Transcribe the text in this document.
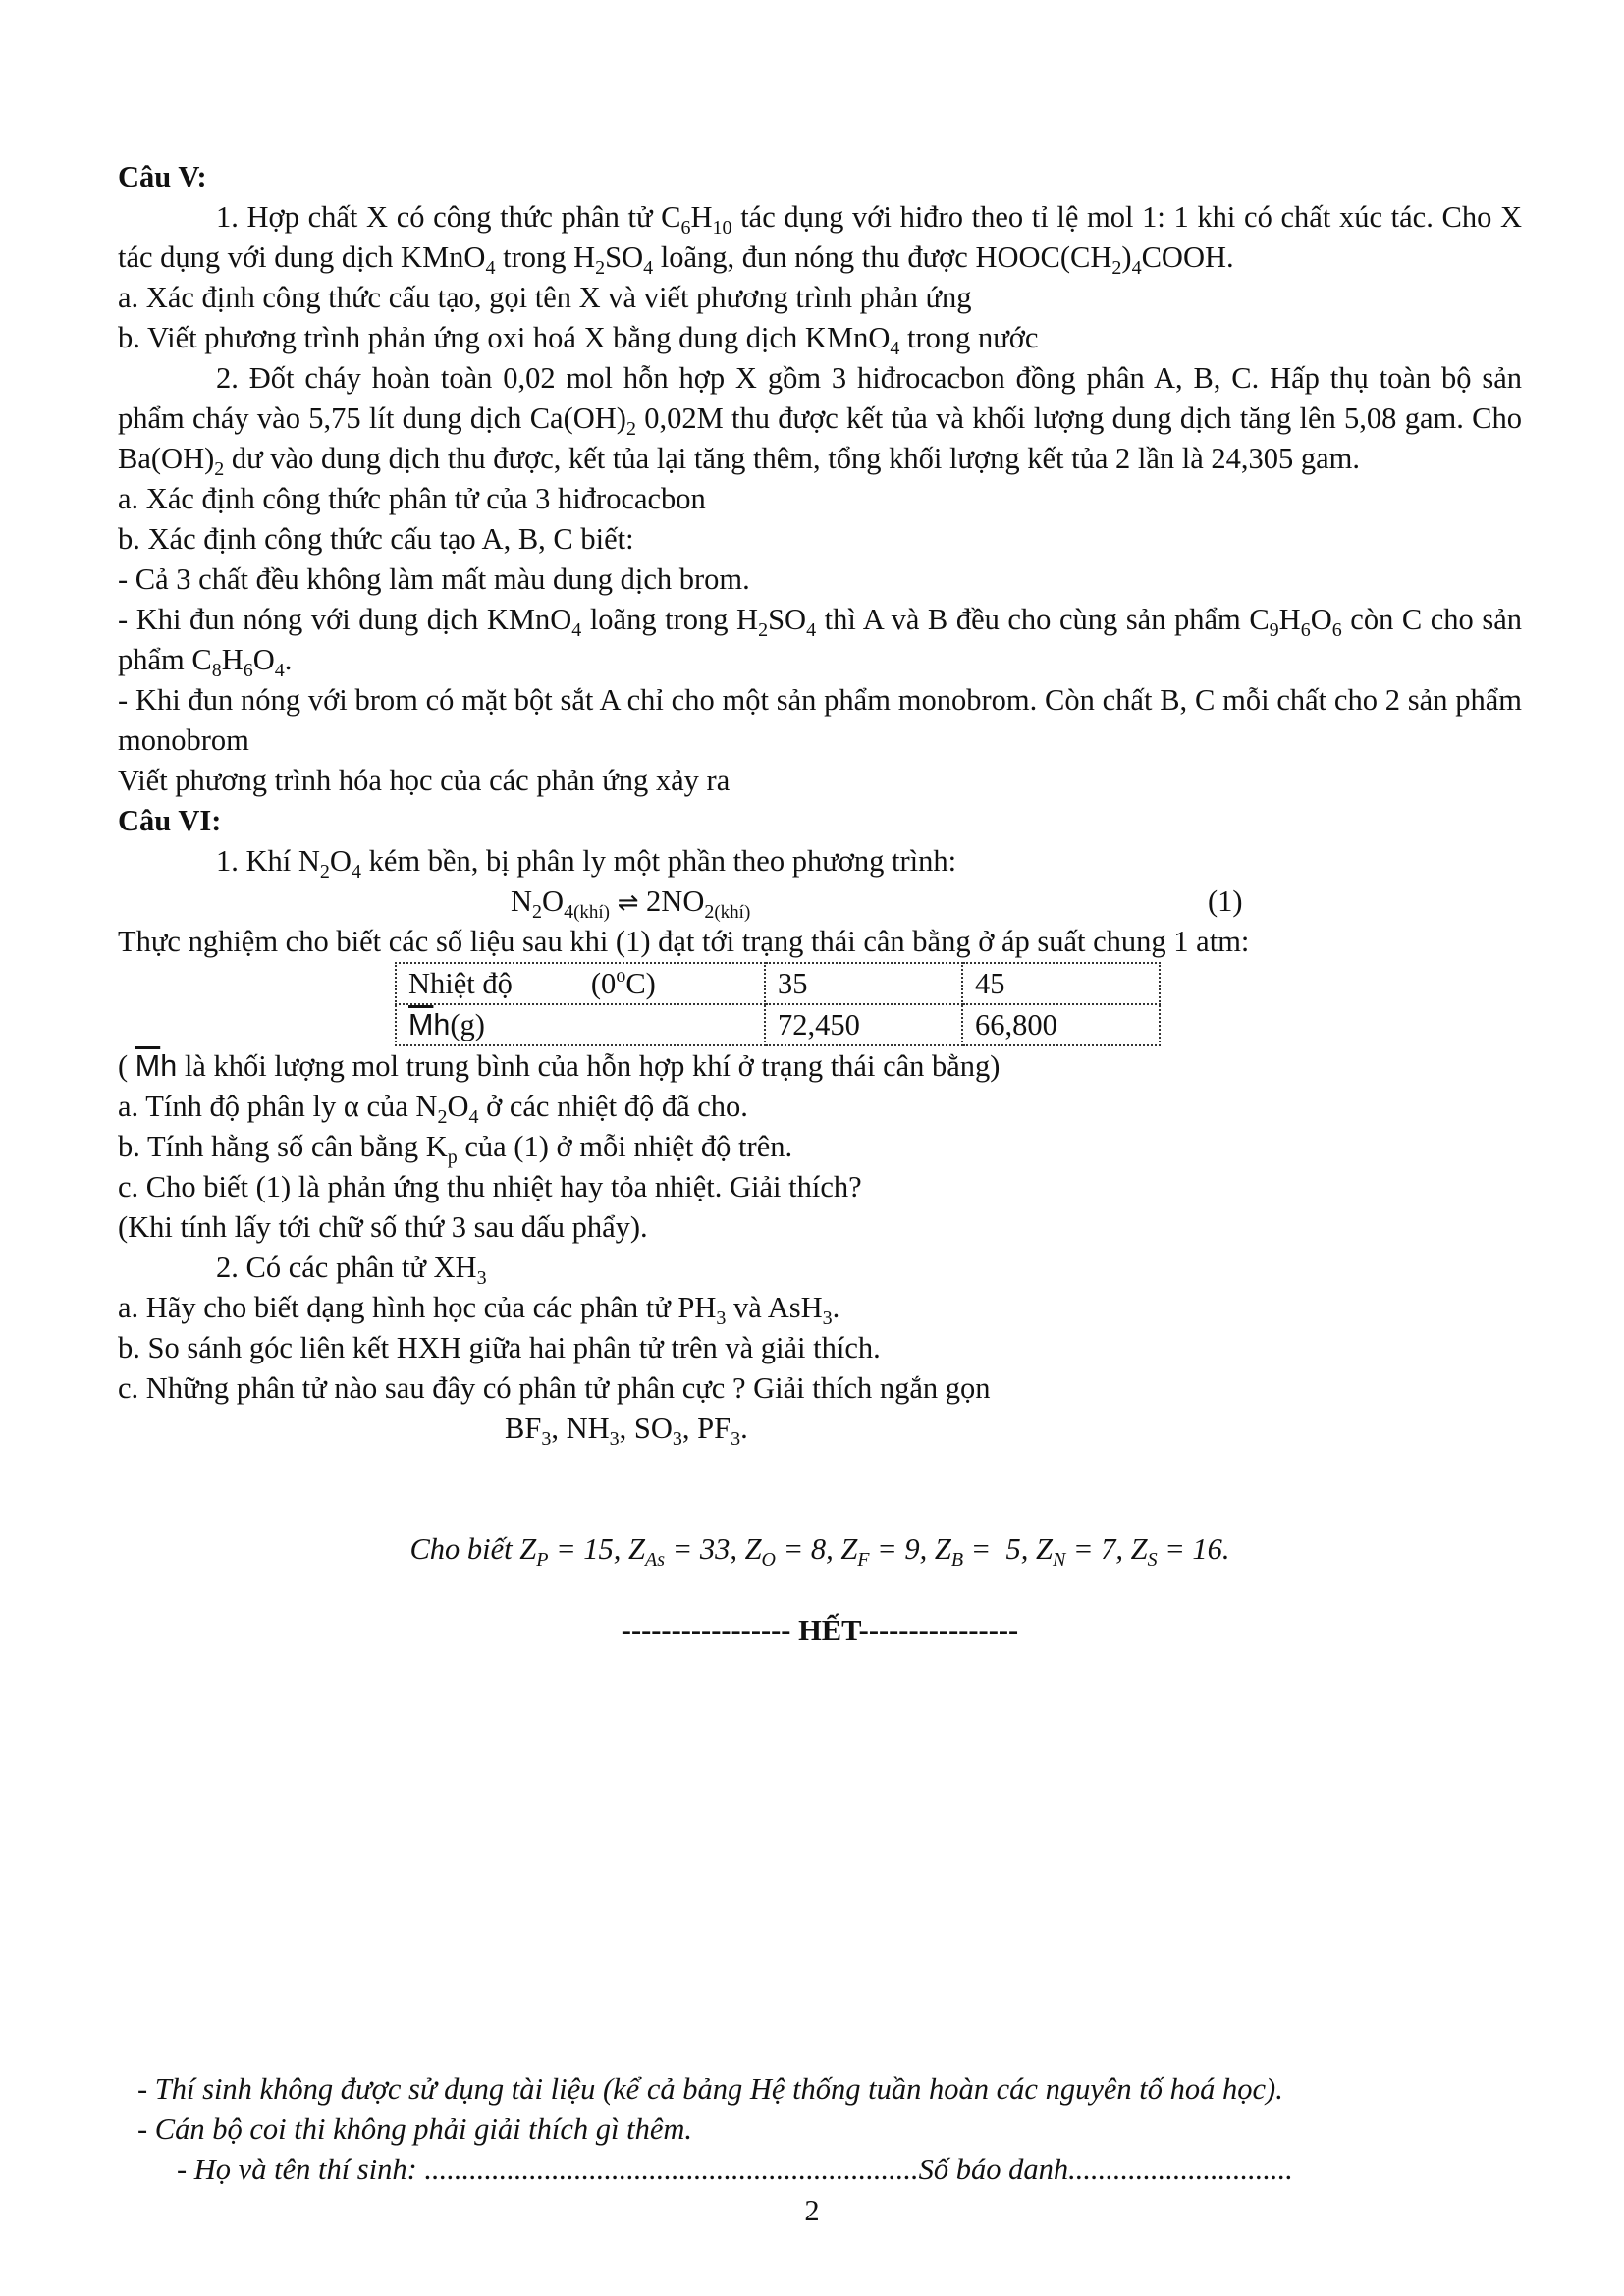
Câu V:
1. Hợp chất X có công thức phân tử $C_6H_{10}$ tác dụng với hiđro theo tỉ lệ mol 1: 1 khi có chất xúc tác. Cho X tác dụng với dung dịch KMnO$_4$ trong $H_2SO_4$ loãng, đun nóng thu được $HOOC(CH_2)_4COOH$.
a. Xác định công thức cấu tạo, gọi tên X và viết phương trình phản ứng
b. Viết phương trình phản ứng oxi hoá X bằng dung dịch KMnO$_4$ trong nước
2. Đốt cháy hoàn toàn 0,02 mol hỗn hợp X gồm 3 hiđrocacbon đồng phân A, B, C. Hấp thụ toàn bộ sản phẩm cháy vào 5,75 lít dung dịch $Ca(OH)_2$ 0,02M thu được kết tủa và khối lượng dung dịch tăng lên 5,08 gam. Cho $Ba(OH)_2$ dư vào dung dịch thu được, kết tủa lại tăng thêm, tổng khối lượng kết tủa 2 lần là 24,305 gam.
a. Xác định công thức phân tử của 3 hiđrocacbon
b. Xác định công thức cấu tạo A, B, C biết:
- Cả 3 chất đều không làm mất màu dung dịch brom.
- Khi đun nóng với dung dịch KMnO$_4$ loãng trong $H_2SO_4$ thì A và B đều cho cùng sản phẩm $C_9H_6O_6$ còn C cho sản phẩm $C_8H_6O_4$.
- Khi đun nóng với brom có mặt bột sắt A chỉ cho một sản phẩm monobrom. Còn chất B, C mỗi chất cho 2 sản phẩm monobrom
Viết phương trình hóa học của các phản ứng xảy ra
Câu VI:
1. Khí $N_2O_4$ kém bền, bị phân ly một phần theo phương trình:
$N_2O_{4(khí)}$ ⇌ $2NO_{2(khí)}$	(1)
Thực nghiệm cho biết các số liệu sau khi (1) đạt tới trạng thái cân bằng ở áp suất chung 1 atm:
Nhiệt độ (0$^o$C)	35	45
$\overline{M}h(g)$	72,450	66,800
( $\overline{M}h$ là khối lượng mol trung bình của hỗn hợp khí ở trạng thái cân bằng)
a. Tính độ phân ly α của $N_2O_4$ ở các nhiệt độ đã cho.
b. Tính hằng số cân bằng $K_p$ của (1) ở mỗi nhiệt độ trên.
c. Cho biết (1) là phản ứng thu nhiệt hay tỏa nhiệt. Giải thích?
(Khi tính lấy tới chữ số thứ 3 sau dấu phẩy).
2. Có các phân tử $XH_3$
a. Hãy cho biết dạng hình học của các phân tử $PH_3$ và AsH$_3$.
b. So sánh góc liên kết HXH giữa hai phân tử trên và giải thích.
c. Những phân tử nào sau đây có phân tử phân cực ? Giải thích ngắn gọn
$BF_3$, $NH_3$, $SO_3$, $PF_3$.
Cho biết $Z_P = 15$, $Z_{As} = 33$, $Z_O = 8$, $Z_F = 9$, $Z_B = 5$, $Z_N = 7$, $Z_S = 16$.
----------------- HẾT----------------
- Thí sinh không được sử dụng tài liệu (kể cả bảng Hệ thống tuần hoàn các nguyên tố hoá học).
- Cán bộ coi thi không phải giải thích gì thêm.
- Họ và tên thí sinh: ..................................................................Số báo danh..............................
2
